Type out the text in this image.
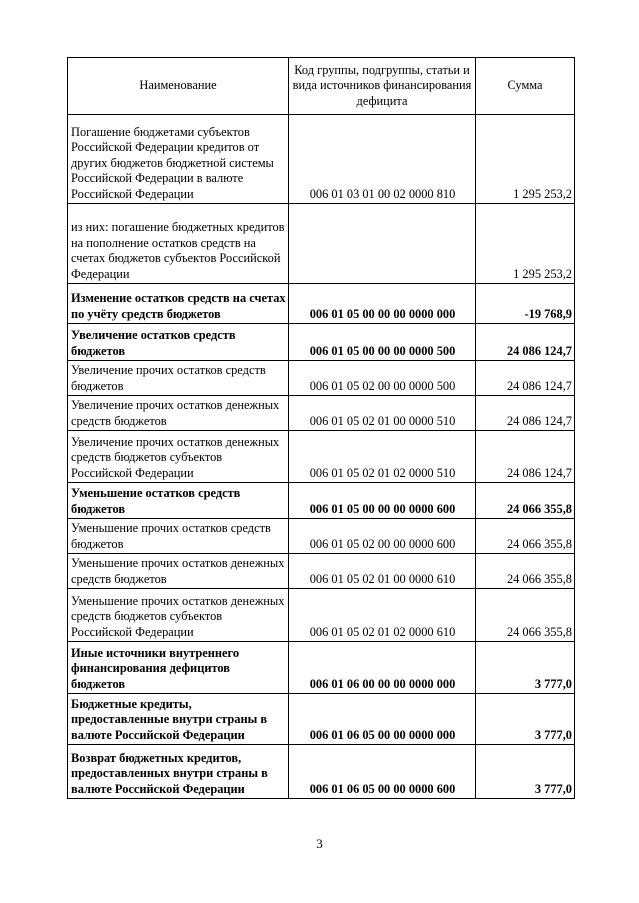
Наименование	Код группы, подгруппы, статьи и вида источников финансирования дефицита	Сумма
Погашение бюджетами субъектов Российской Федерации кредитов от других бюджетов бюджетной системы Российской Федерации в валюте Российской Федерации	006 01 03 01 00 02 0000 810	1 295 253,2
из них: погашение бюджетных кредитов на пополнение остатков средств на счетах бюджетов субъектов Российской Федерации		1 295 253,2
Изменение остатков средств на счетах по учёту средств бюджетов	006 01 05 00 00 00 0000 000	-19 768,9
Увеличение остатков средств бюджетов	006 01 05 00 00 00 0000 500	24 086 124,7
Увеличение прочих остатков средств бюджетов	006 01 05 02 00 00 0000 500	24 086 124,7
Увеличение прочих остатков денежных средств бюджетов	006 01 05 02 01 00 0000 510	24 086 124,7
Увеличение прочих остатков денежных средств бюджетов субъектов Российской Федерации	006 01 05 02 01 02 0000 510	24 086 124,7
Уменьшение остатков средств бюджетов	006 01 05 00 00 00 0000 600	24 066 355,8
Уменьшение прочих остатков средств бюджетов	006 01 05 02 00 00 0000 600	24 066 355,8
Уменьшение прочих остатков денежных средств бюджетов	006 01 05 02 01 00 0000 610	24 066 355,8
Уменьшение прочих остатков денежных средств бюджетов субъектов Российской Федерации	006 01 05 02 01 02 0000 610	24 066 355,8
Иные источники внутреннего финансирования дефицитов бюджетов	006 01 06 00 00 00 0000 000	3 777,0
Бюджетные кредиты, предоставленные внутри страны в валюте Российской Федерации	006 01 06 05 00 00 0000 000	3 777,0
Возврат бюджетных кредитов, предоставленных внутри страны в валюте Российской Федерации	006 01 06 05 00 00 0000 600	3 777,0
3
